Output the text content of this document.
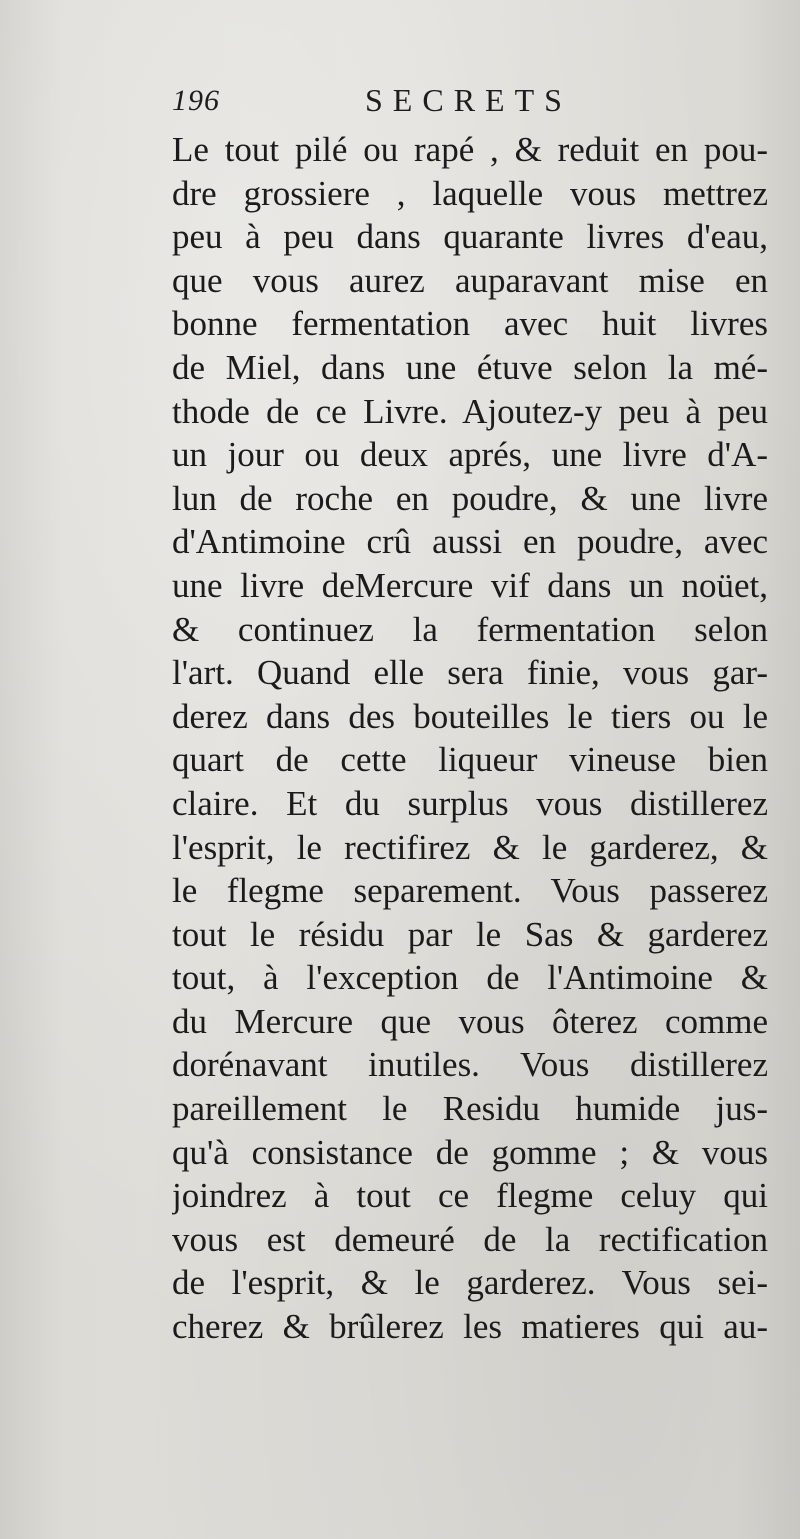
196	SECRETS
Le tout pilé ou rapé , & reduit en pou-
dre grossiere , laquelle vous mettrez
peu à peu dans quarante livres d'eau,
que vous aurez auparavant mise en
bonne fermentation avec huit livres
de Miel, dans une étuve selon la mé-
thode de ce Livre. Ajoutez-y peu à peu
un jour ou deux aprés, une livre d'A-
lun de roche en poudre, & une livre
d'Antimoine crû aussi en poudre, avec
une livre deMercure vif dans un noüet,
& continuez la fermentation selon
l'art. Quand elle sera finie, vous gar-
derez dans des bouteilles le tiers ou le
quart de cette liqueur vineuse bien
claire. Et du surplus vous distillerez
l'esprit, le rectifirez & le garderez, &
le flegme separement. Vous passerez
tout le résidu par le Sas & garderez
tout, à l'exception de l'Antimoine &
du Mercure que vous ôterez comme
dorénavant inutiles. Vous distillerez
pareillement le Residu humide jus-
qu'à consistance de gomme ; & vous
joindrez à tout ce flegme celuy qui
vous est demeuré de la rectification
de l'esprit, & le garderez. Vous sei-
cherez & brûlerez les matieres qui au-
